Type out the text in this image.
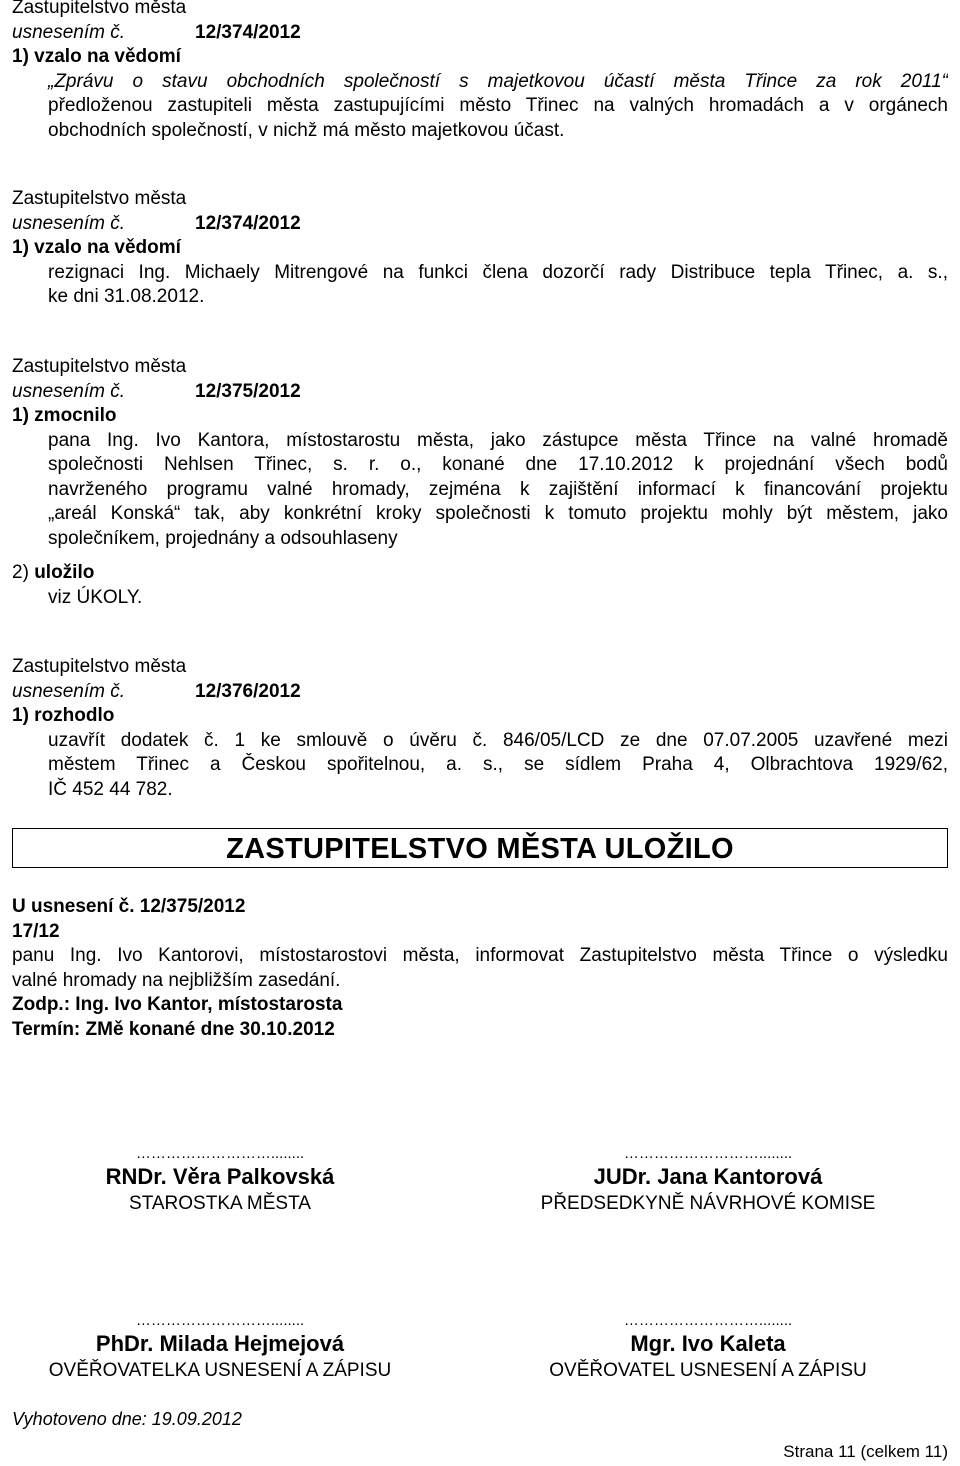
Zastupitelstvo města
usnesením č.	12/374/2012
1) vzalo na vědomí
„Zprávu o stavu obchodních společností s majetkovou účastí města Třince za rok 2011“
předloženou zastupiteli města zastupujícími město Třinec na valných hromadách a v orgánech
obchodních společností, v nichž má město majetkovou účast.
Zastupitelstvo města
usnesením č.	12/374/2012
1) vzalo na vědomí
rezignaci Ing. Michaely Mitrengové na funkci člena dozorčí rady Distribuce tepla Třinec, a. s.,
ke dni 31.08.2012.
Zastupitelstvo města
usnesením č.	12/375/2012
1) zmocnilo
pana Ing. Ivo Kantora, místostarostu města, jako zástupce města Třince na valné hromadě
společnosti Nehlsen Třinec, s. r. o., konané dne 17.10.2012 k projednání všech bodů
navrženého programu valné hromady, zejména k zajištění informací k financování projektu
„areál Konská“ tak, aby konkrétní kroky společnosti k tomuto projektu mohly být městem, jako
společníkem, projednány a odsouhlaseny
2) uložilo
viz ÚKOLY.
Zastupitelstvo města
usnesením č.	12/376/2012
1) rozhodlo
uzavřít dodatek č. 1 ke smlouvě o úvěru č. 846/05/LCD ze dne 07.07.2005 uzavřené mezi
městem Třinec a Českou spořitelnou, a. s., se sídlem Praha 4, Olbrachtova 1929/62,
IČ 452 44 782.
ZASTUPITELSTVO MĚSTA ULOŽILO
U usnesení č. 12/375/2012
17/12
panu Ing. Ivo Kantorovi, místostarostovi města, informovat Zastupitelstvo města Třince o výsledku
valné hromady na nejbližším zasedání.
Zodp.: Ing. Ivo Kantor, místostarosta
Termín: ZMě konané dne 30.10.2012
………………………........
RNDr. Věra Palkovská
STAROSTKA MĚSTA
………………………........
JUDr. Jana Kantorová
PŘEDSEDKYNĚ NÁVRHOVÉ KOMISE
………………………........
PhDr. Milada Hejmejová
OVĚŘOVATELKA USNESENÍ A ZÁPISU
………………………........
Mgr. Ivo Kaleta
OVĚŘOVATEL USNESENÍ A ZÁPISU
Vyhotoveno dne: 19.09.2012
Strana 11 (celkem 11)
